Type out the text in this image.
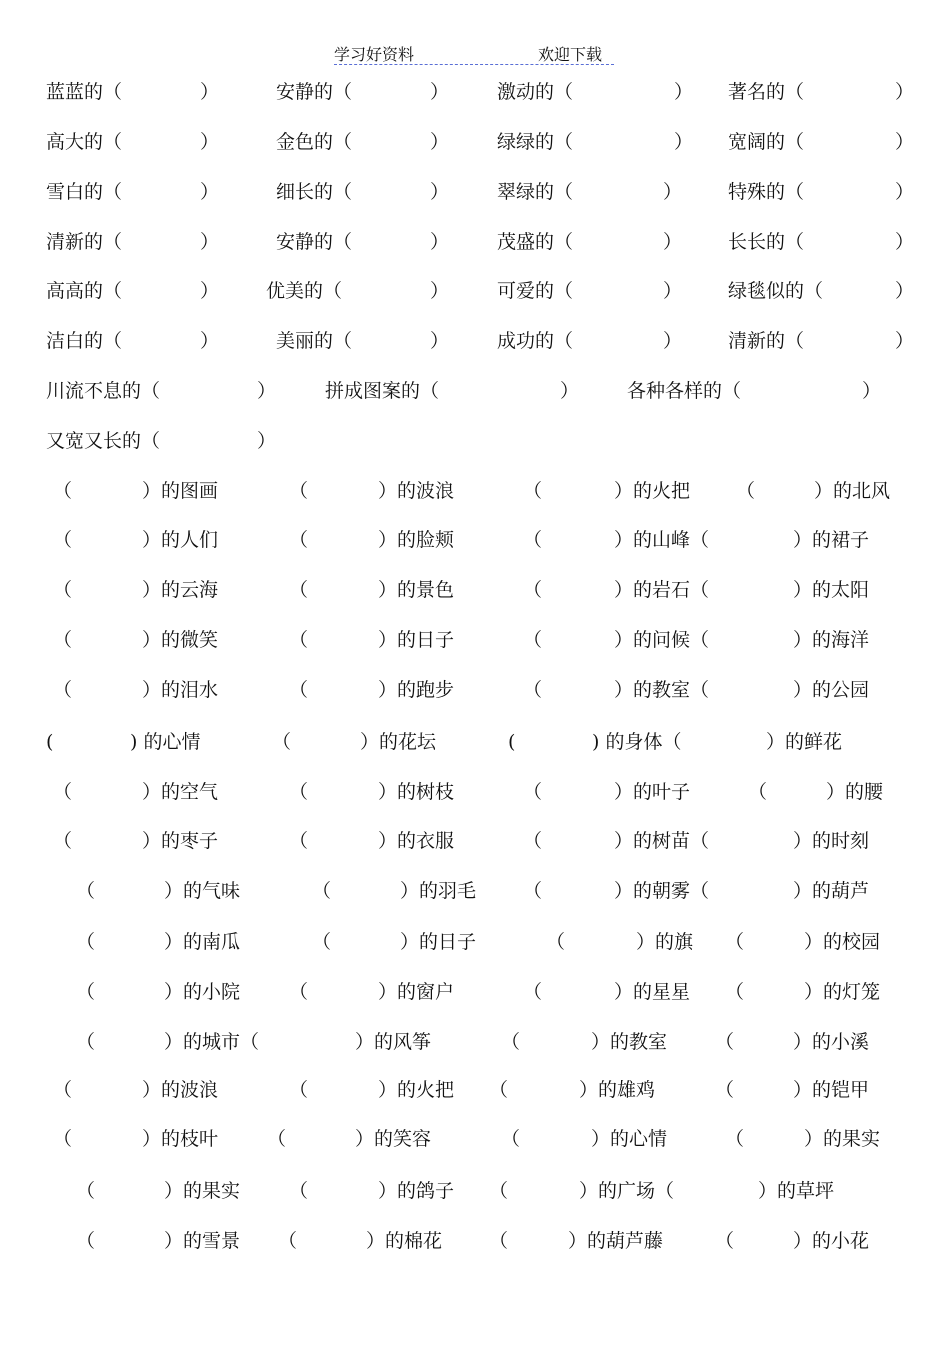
学习好资料	欢迎下载
蓝蓝的（	）	安静的（	）	激动的（	） 著名的（	）
高大的（	）	金色的（	）	绿绿的（	） 宽阔的（	）
雪白的（	）	细长的（	）	翠绿的（	） 特殊的（	）
清新的（	）	安静的（	）	茂盛的（	） 长长的（	）
高高的（	） 优美的（	）	可爱的（	） 绿毯似的（	）
洁白的（	）	美丽的（	）	成功的（	） 清新的（	）
川流不息的（	）	拼成图案的（	）	各种各样的（	）
又宽又长的（	）
（	）的图画	（	）的波浪	（	）的火把 （	）的北风
（	）的人们	（	）的脸颊	（	）的山峰（	）的裙子
（	）的云海	（	）的景色	（	）的岩石（	）的太阳
（	）的微笑	（	）的日子	（	）的问候（	）的海洋
（	）的泪水	（	）的跑步	（	）的教室（	）的公园
(	) 的心情	（	）的花坛	(	) 的身体（	）的鲜花
（	）的空气	（	）的树枝	（	）的叶子	（	）的腰
（	）的枣子	（	）的衣服	（	）的树苗（	）的时刻
（	）的气味	（	）的羽毛 （	）的朝雾（	）的葫芦
（	）的南瓜	（	）的日子	（	）的旗 （	）的校园
（	）的小院	（	）的窗户	（	）的星星 （	）的灯笼
（	）的城市（	）的风筝	（	）的教室	（	）的小溪
（	）的波浪	（	）的火把 （	）的雄鸡	（	）的铠甲
（	）的枝叶	（	）的笑容	（	）的心情	（	）的果实
（	）的果实	（	）的鸽子 （	）的广场（	）的草坪
（	）的雪景 （	）的棉花 （	）的葫芦藤	（	）的小花
